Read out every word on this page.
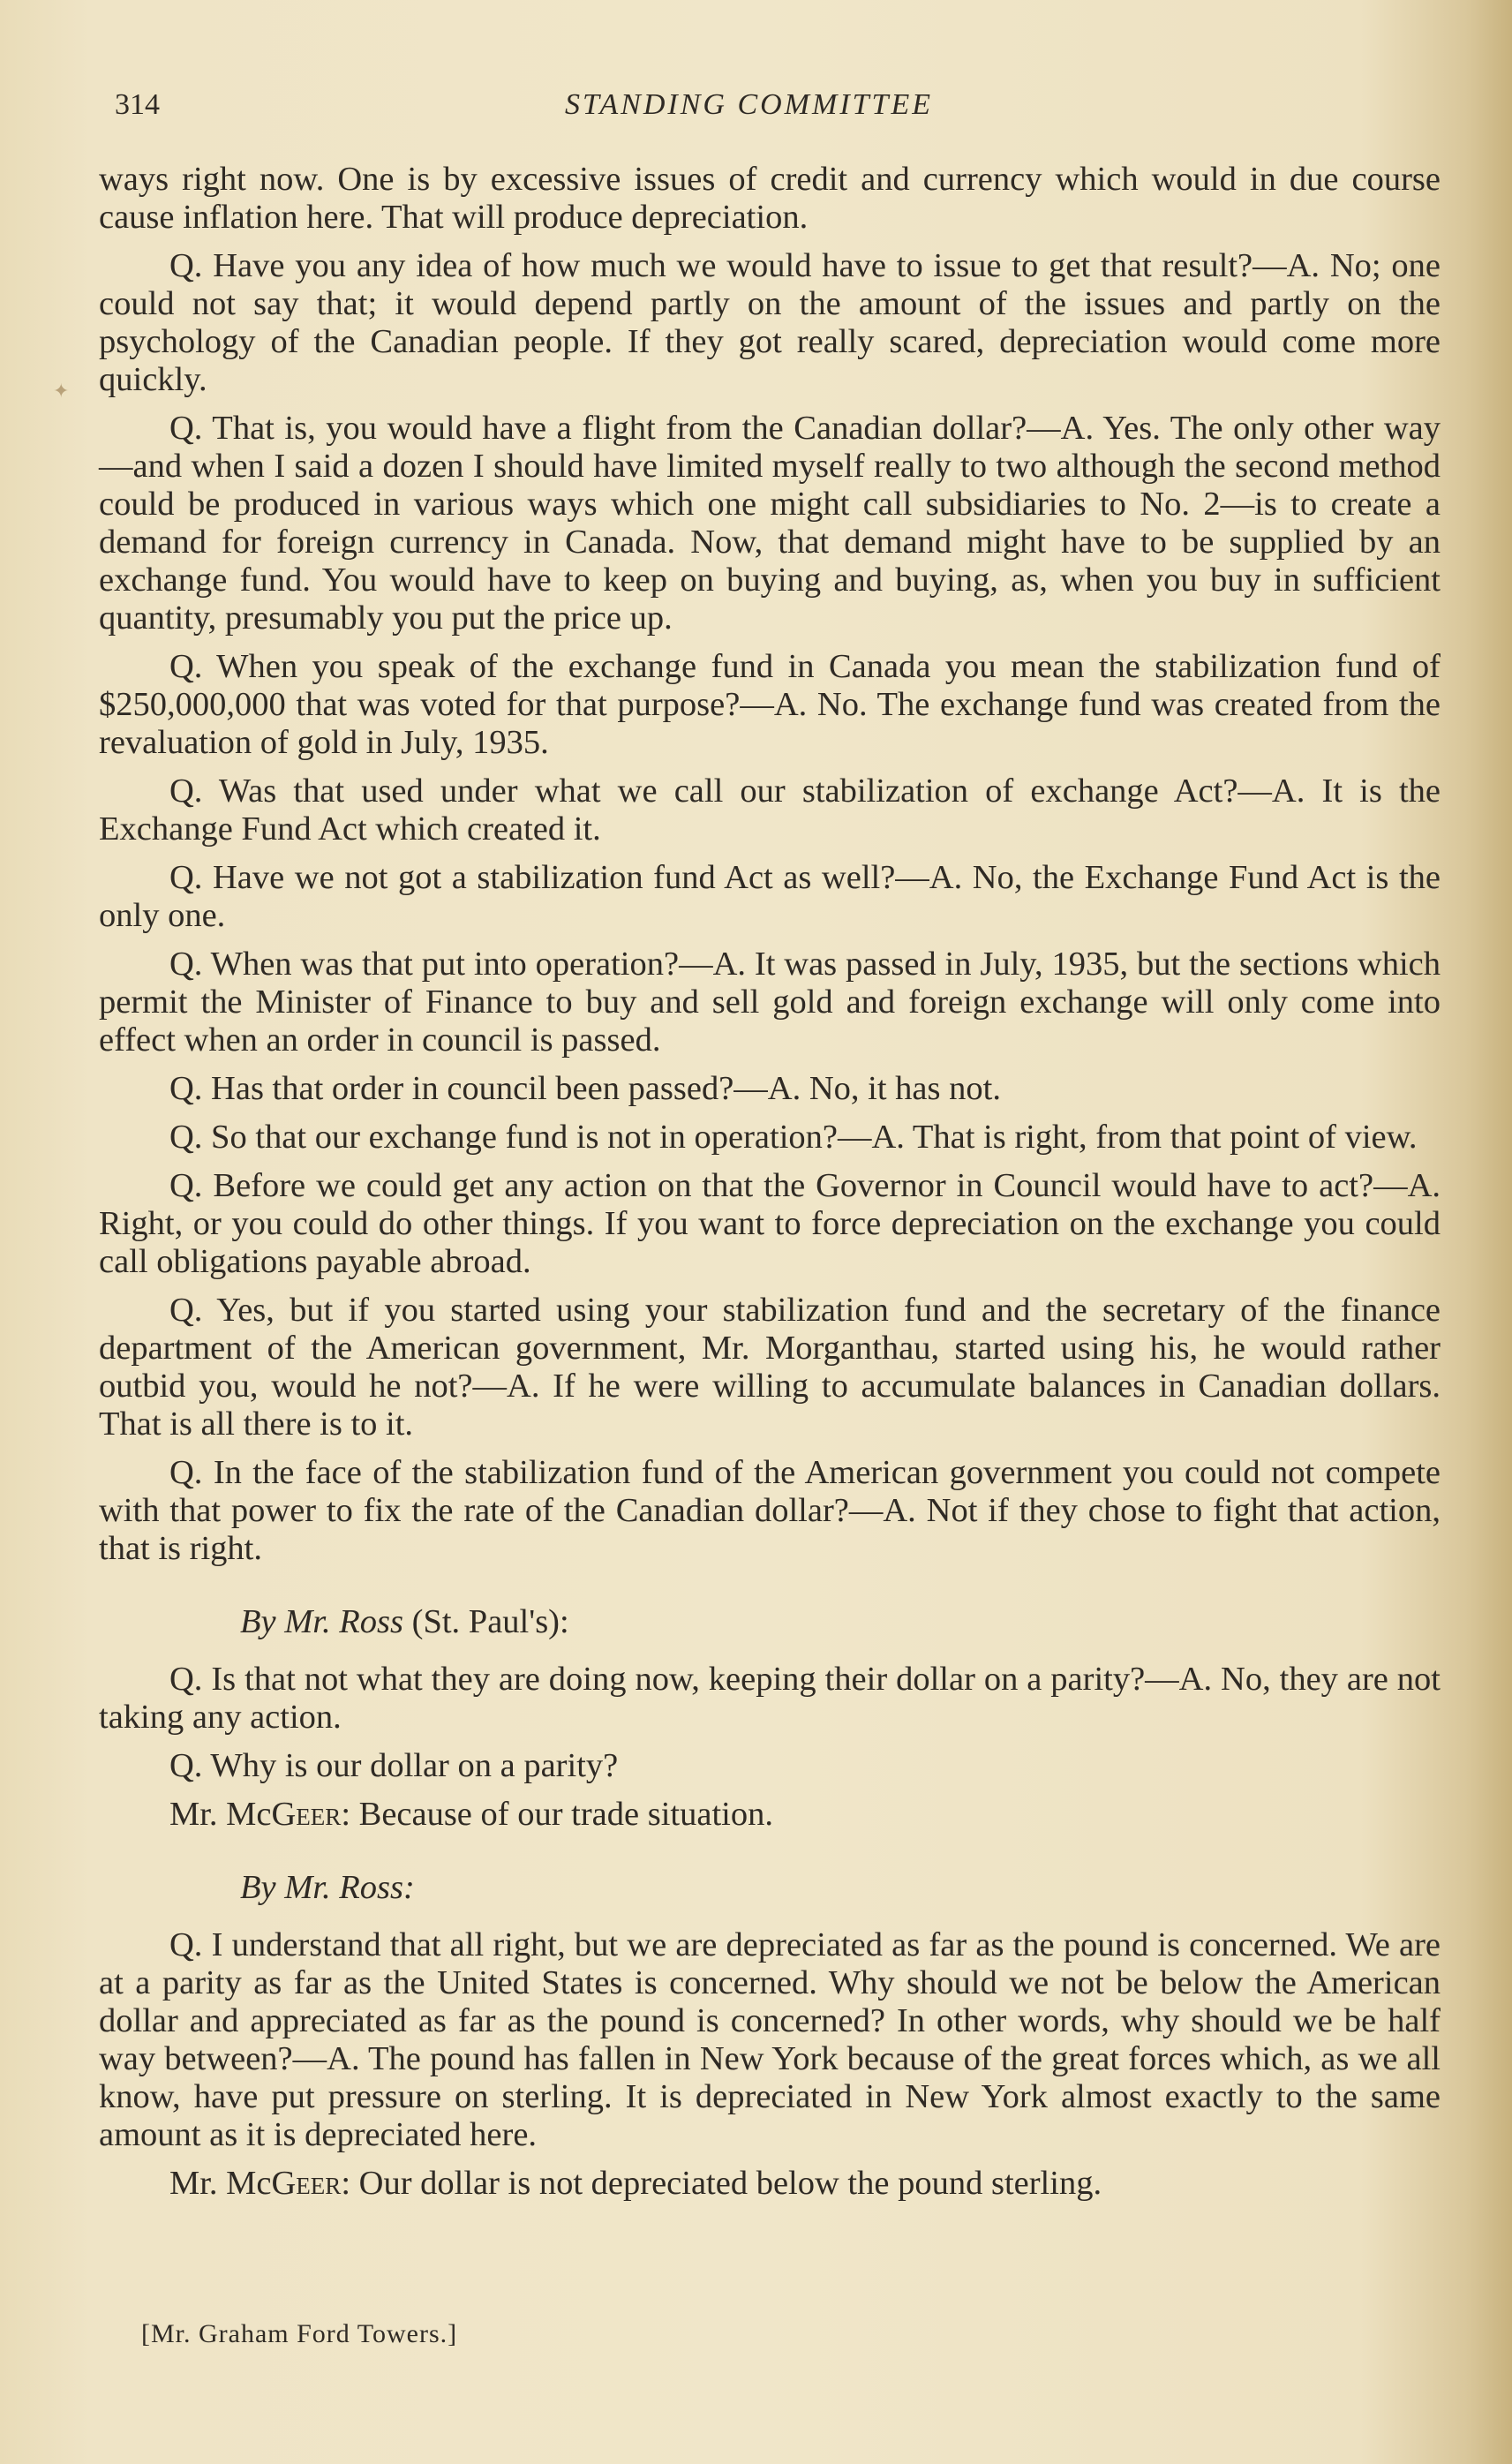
314	STANDING COMMITTEE

ways right now. One is by excessive issues of credit and currency which would in due course cause inflation here. That will produce depreciation.

Q. Have you any idea of how much we would have to issue to get that result?—A. No; one could not say that; it would depend partly on the amount of the issues and partly on the psychology of the Canadian people. If they got really scared, depreciation would come more quickly.

Q. That is, you would have a flight from the Canadian dollar?—A. Yes. The only other way—and when I said a dozen I should have limited myself really to two although the second method could be produced in various ways which one might call subsidiaries to No. 2—is to create a demand for foreign currency in Canada. Now, that demand might have to be supplied by an exchange fund. You would have to keep on buying and buying, as, when you buy in sufficient quantity, presumably you put the price up.

Q. When you speak of the exchange fund in Canada you mean the stabilization fund of $250,000,000 that was voted for that purpose?—A. No. The exchange fund was created from the revaluation of gold in July, 1935.

Q. Was that used under what we call our stabilization of exchange Act?—A. It is the Exchange Fund Act which created it.

Q. Have we not got a stabilization fund Act as well?—A. No, the Exchange Fund Act is the only one.

Q. When was that put into operation?—A. It was passed in July, 1935, but the sections which permit the Minister of Finance to buy and sell gold and foreign exchange will only come into effect when an order in council is passed.

Q. Has that order in council been passed?—A. No, it has not.

Q. So that our exchange fund is not in operation?—A. That is right, from that point of view.

Q. Before we could get any action on that the Governor in Council would have to act?—A. Right, or you could do other things. If you want to force depreciation on the exchange you could call obligations payable abroad.

Q. Yes, but if you started using your stabilization fund and the secretary of the finance department of the American government, Mr. Morganthau, started using his, he would rather outbid you, would he not?—A. If he were willing to accumulate balances in Canadian dollars. That is all there is to it.

Q. In the face of the stabilization fund of the American government you could not compete with that power to fix the rate of the Canadian dollar?—A. Not if they chose to fight that action, that is right.

By Mr. Ross (St. Paul's):

Q. Is that not what they are doing now, keeping their dollar on a parity?—A. No, they are not taking any action.

Q. Why is our dollar on a parity?

Mr. McGeer: Because of our trade situation.

By Mr. Ross:

Q. I understand that all right, but we are depreciated as far as the pound is concerned. We are at a parity as far as the United States is concerned. Why should we not be below the American dollar and appreciated as far as the pound is concerned? In other words, why should we be half way between?—A. The pound has fallen in New York because of the great forces which, as we all know, have put pressure on sterling. It is depreciated in New York almost exactly to the same amount as it is depreciated here.

Mr. McGeer: Our dollar is not depreciated below the pound sterling.

[Mr. Graham Ford Towers.]
✦
